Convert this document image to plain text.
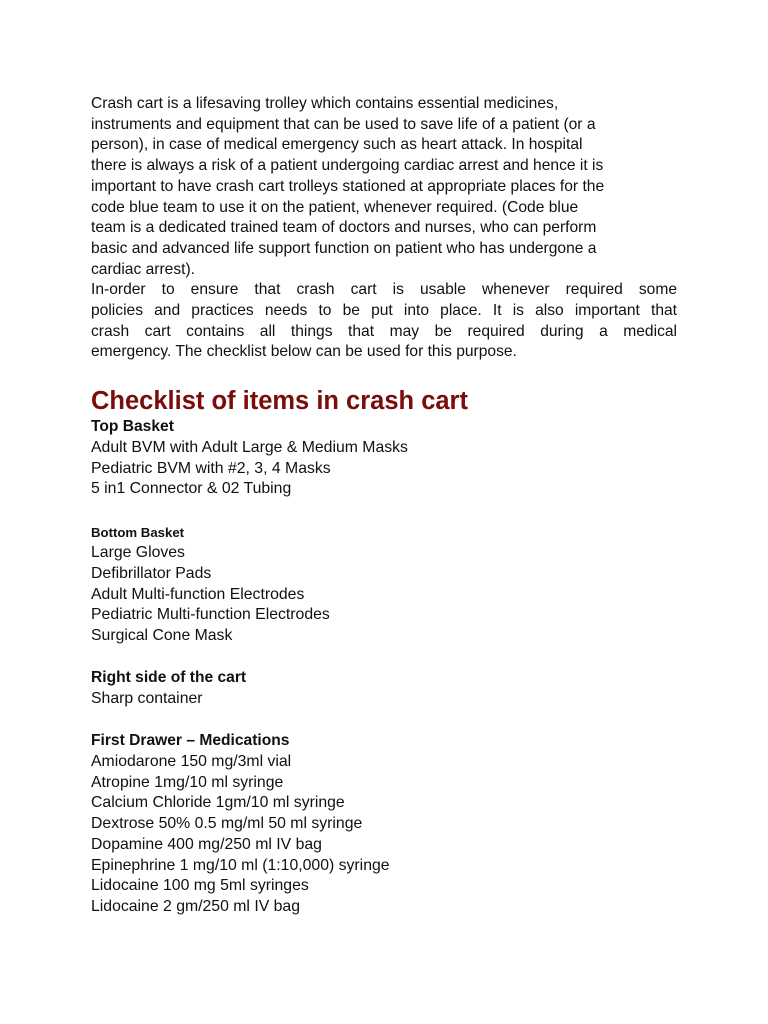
Crash cart is a lifesaving trolley which contains essential medicines,

instruments and equipment that can be used to save life of a patient (or a

person), in case of medical emergency such as heart attack. In hospital

there is always a risk of a patient undergoing cardiac arrest and hence it is

important to have crash cart trolleys stationed at appropriate places for the

code blue team to use it on the patient, whenever required. (Code blue

team is a dedicated trained team of doctors and nurses, who can perform

basic and advanced life support function on patient who has undergone a

cardiac arrest).

In-order to ensure that crash cart is usable whenever required some

policies and practices needs to be put into place. It is also important that

crash cart contains all things that may be required during a medical

emergency. The checklist below can be used for this purpose.

Checklist of items in crash cart

Top Basket

Adult BVM with Adult Large & Medium Masks

Pediatric BVM with #2, 3, 4 Masks

5 in1 Connector & 02 Tubing

Bottom Basket

Large Gloves

Defibrillator Pads

Adult Multi-function Electrodes

Pediatric Multi-function Electrodes

Surgical Cone Mask

Right side of the cart

Sharp container

First Drawer – Medications

Amiodarone 150 mg/3ml vial

Atropine 1mg/10 ml syringe

Calcium Chloride 1gm/10 ml syringe

Dextrose 50% 0.5 mg/ml 50 ml syringe

Dopamine 400 mg/250 ml IV bag

Epinephrine 1 mg/10 ml (1:10,000) syringe

Lidocaine 100 mg 5ml syringes

Lidocaine 2 gm/250 ml IV bag
